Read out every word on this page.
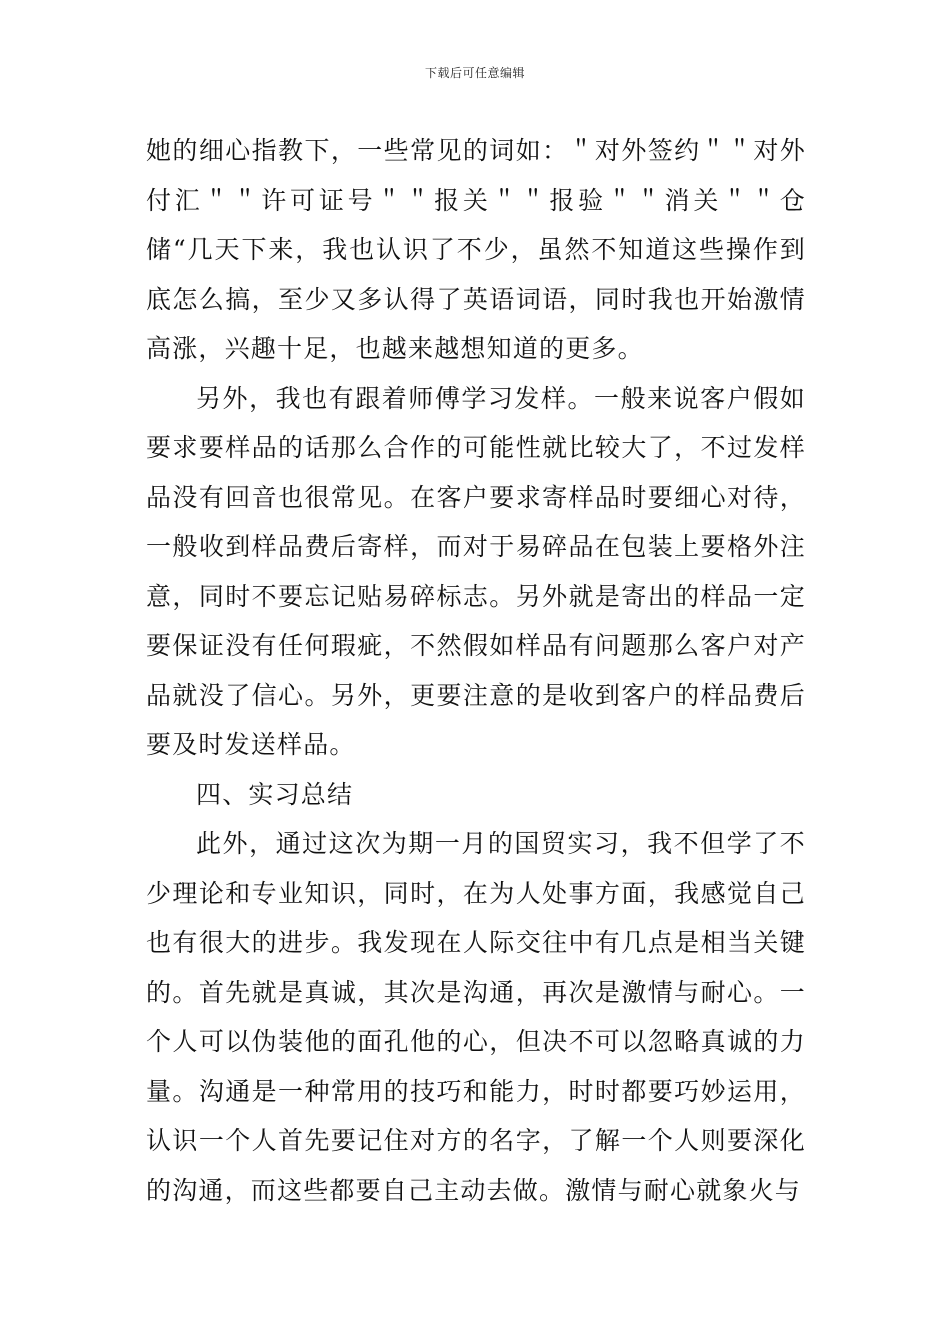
下载后可任意编辑

她的细心指教下，一些常见的词如：＂对外签约＂＂对外付汇＂＂许可证号＂＂报关＂＂报验＂＂消关＂＂仓储“几天下来，我也认识了不少，虽然不知道这些操作到底怎么搞，至少又多认得了英语词语，同时我也开始激情高涨，兴趣十足，也越来越想知道的更多。

另外，我也有跟着师傅学习发样。一般来说客户假如要求要样品的话那么合作的可能性就比较大了，不过发样品没有回音也很常见。在客户要求寄样品时要细心对待，一般收到样品费后寄样，而对于易碎品在包装上要格外注意，同时不要忘记贴易碎标志。另外就是寄出的样品一定要保证没有任何瑕疵，不然假如样品有问题那么客户对产品就没了信心。另外，更要注意的是收到客户的样品费后要及时发送样品。

四、实习总结

此外，通过这次为期一月的国贸实习，我不但学了不少理论和专业知识，同时，在为人处事方面，我感觉自己也有很大的进步。我发现在人际交往中有几点是相当关键的。首先就是真诚，其次是沟通，再次是激情与耐心。一个人可以伪装他的面孔他的心，但决不可以忽略真诚的力量。沟通是一种常用的技巧和能力，时时都要巧妙运用，认识一个人首先要记住对方的名字，了解一个人则要深化的沟通，而这些都要自己主动去做。激情与耐心就象火与
